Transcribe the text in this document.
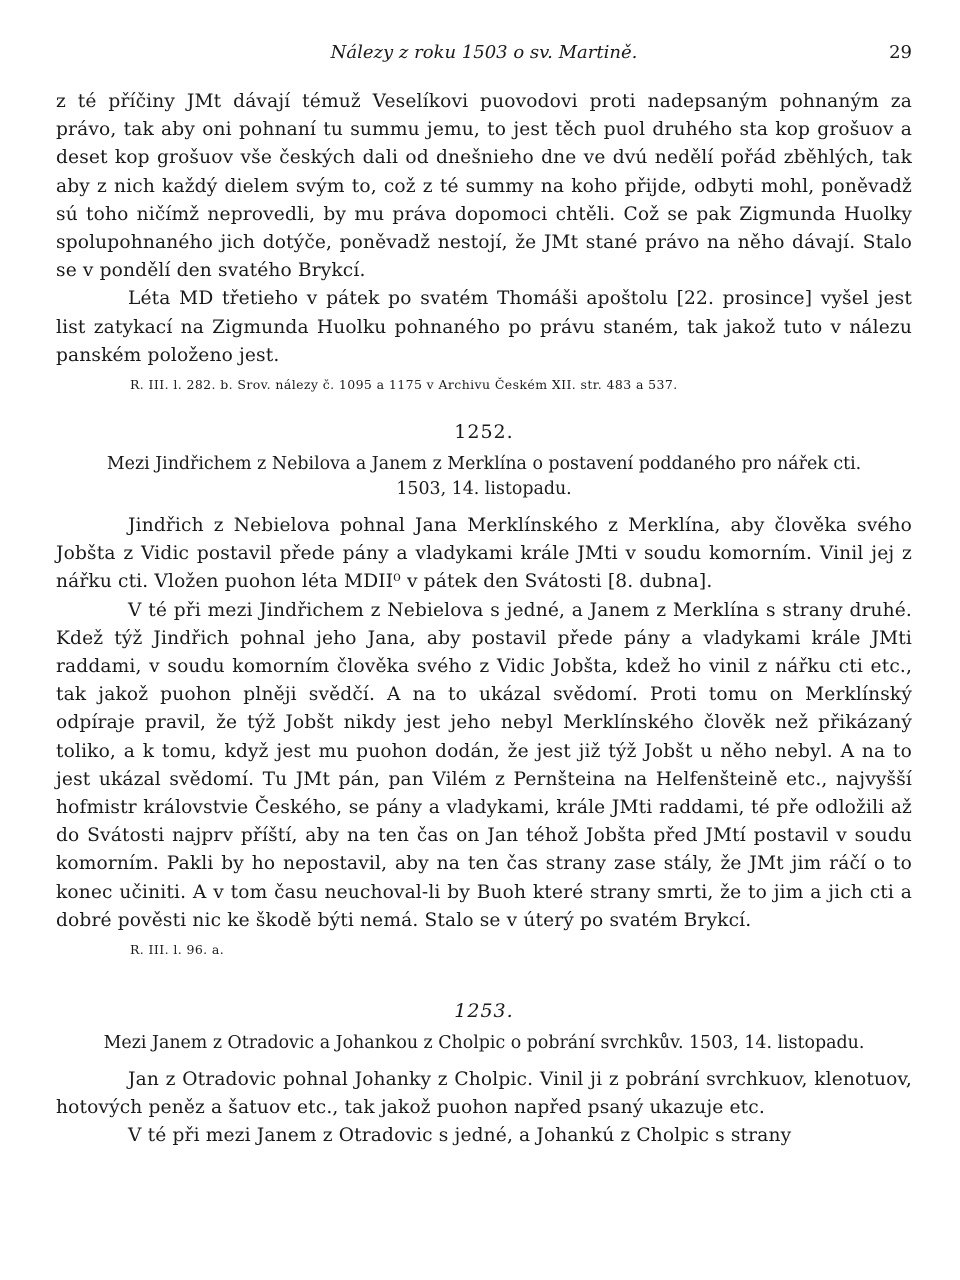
Nálezy z roku 1503 o sv. Martině.	29

z té příčiny JMt dávají témuž Veselíkovi puovodovi proti nadepsaným pohnaným za právo, tak aby oni pohnaní tu summu jemu, to jest těch puol druhého sta kop grošuov a deset kop grošuov vše českých dali od dnešnieho dne ve dvú nedělí pořád zběhlých, tak aby z nich každý dielem svým to, což z té summy na koho přijde, odbyti mohl, poněvadž sú toho ničímž neprovedli, by mu práva dopomoci chtěli. Což se pak Zigmunda Huolky spolupohnaného jich dotýče, poněvadž nestojí, že JMt stané právo na něho dávají. Stalo se v pondělí den svatého Brykcí.

Léta MD třetieho v pátek po svatém Thomáši apoštolu [22. prosince] vyšel jest list zatykací na Zigmunda Huolku pohnaného po právu staném, tak jakož tuto v nálezu panském položeno jest.

R. III. l. 282. b. Srov. nálezy č. 1095 a 1175 v Archivu Českém XII. str. 483 a 537.
1252.
Mezi Jindřichem z Nebilova a Janem z Merklína o postavení poddaného pro nářek cti.
1503, 14. listopadu.

Jindřich z Nebielova pohnal Jana Merklínského z Merklína, aby člověka svého Jobšta z Vidic postavil přede pány a vladykami krále JMti v soudu komorním. Vinil jej z nářku cti. Vložen puohon léta MDII⁰ v pátek den Svátosti [8. dubna].

V té při mezi Jindřichem z Nebielova s jedné, a Janem z Merklína s strany druhé. Kdež týž Jindřich pohnal jeho Jana, aby postavil přede pány a vladykami krále JMti raddami, v soudu komorním člověka svého z Vidic Jobšta, kdež ho vinil z nářku cti etc., tak jakož puohon plněji svědčí. A na to ukázal svědomí. Proti tomu on Merklínský odpíraje pravil, že týž Jobšt nikdy jest jeho nebyl Merklínského člověk než přikázaný toliko, a k tomu, když jest mu puohon dodán, že jest již týž Jobšt u něho nebyl. A na to jest ukázal svědomí. Tu JMt pán, pan Vilém z Pernšteina na Helfenšteině etc., najvyšší hofmistr královstvie Českého, se pány a vladykami, krále JMti raddami, té pře odložili až do Svátosti najprv příští, aby na ten čas on Jan téhož Jobšta před JMtí postavil v soudu komorním. Pakli by ho nepostavil, aby na ten čas strany zase stály, že JMt jim ráčí o to konec učiniti. A v tom času neuchoval-li by Buoh které strany smrti, že to jim a jich cti a dobré pověsti nic ke škodě býti nemá. Stalo se v úterý po svatém Brykcí.

R. III. l. 96. a.
1253.
Mezi Janem z Otradovic a Johankou z Cholpic o pobrání svrchkův. 1503, 14. listopadu.

Jan z Otradovic pohnal Johanky z Cholpic. Vinil ji z pobrání svrchkuov, klenotuov, hotových peněz a šatuov etc., tak jakož puohon napřed psaný ukazuje etc.

V té při mezi Janem z Otradovic s jedné, a Johankú z Cholpic s strany
